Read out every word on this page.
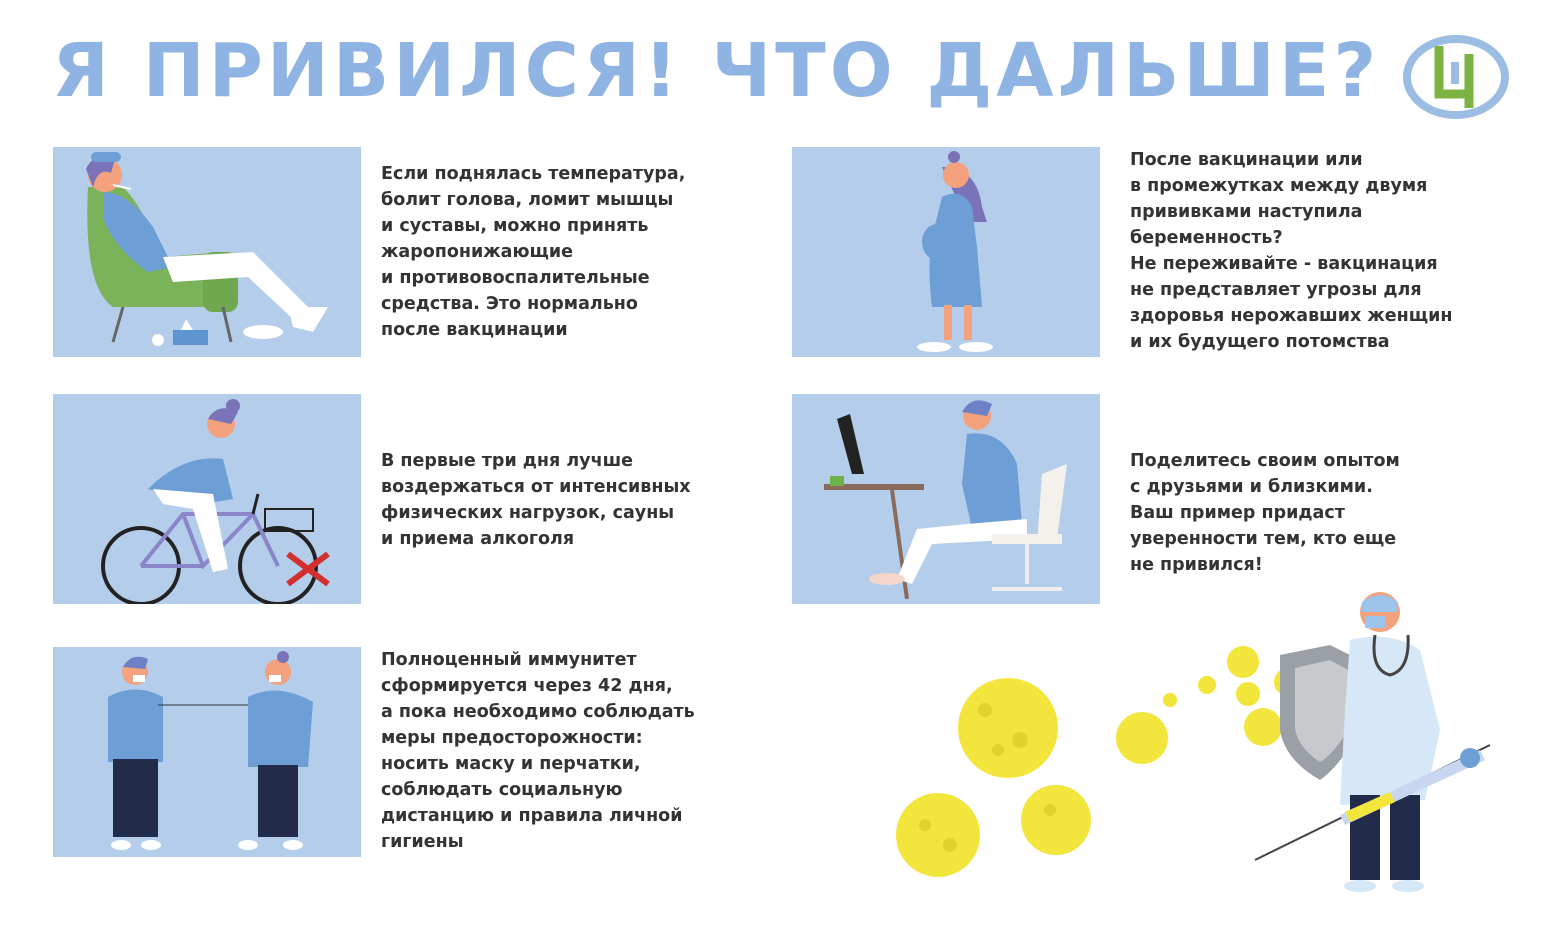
Я ПРИВИЛСЯ! ЧТО ДАЛЬШЕ?
Если поднялась температура,
болит голова, ломит мышцы
и суставы, можно принять
жаропонижающие
и противовоспалительные
средства. Это нормально
после вакцинации
После вакцинации или
в промежутках между двумя
прививками наступила
беременность?
Не переживайте - вакцинация
не представляет угрозы для
здоровья нерожавших женщин
и их будущего потомства
В первые три дня лучше
воздержаться от интенсивных
физических нагрузок, сауны
и приема алкоголя
Поделитесь своим опытом
с друзьями и близкими.
Ваш пример придаст
уверенности тем, кто еще
не привился!
Полноценный иммунитет
сформируется через 42 дня,
а пока необходимо соблюдать
меры предосторожности:
носить маску и перчатки,
соблюдать социальную
дистанцию и правила личной
гигиены
